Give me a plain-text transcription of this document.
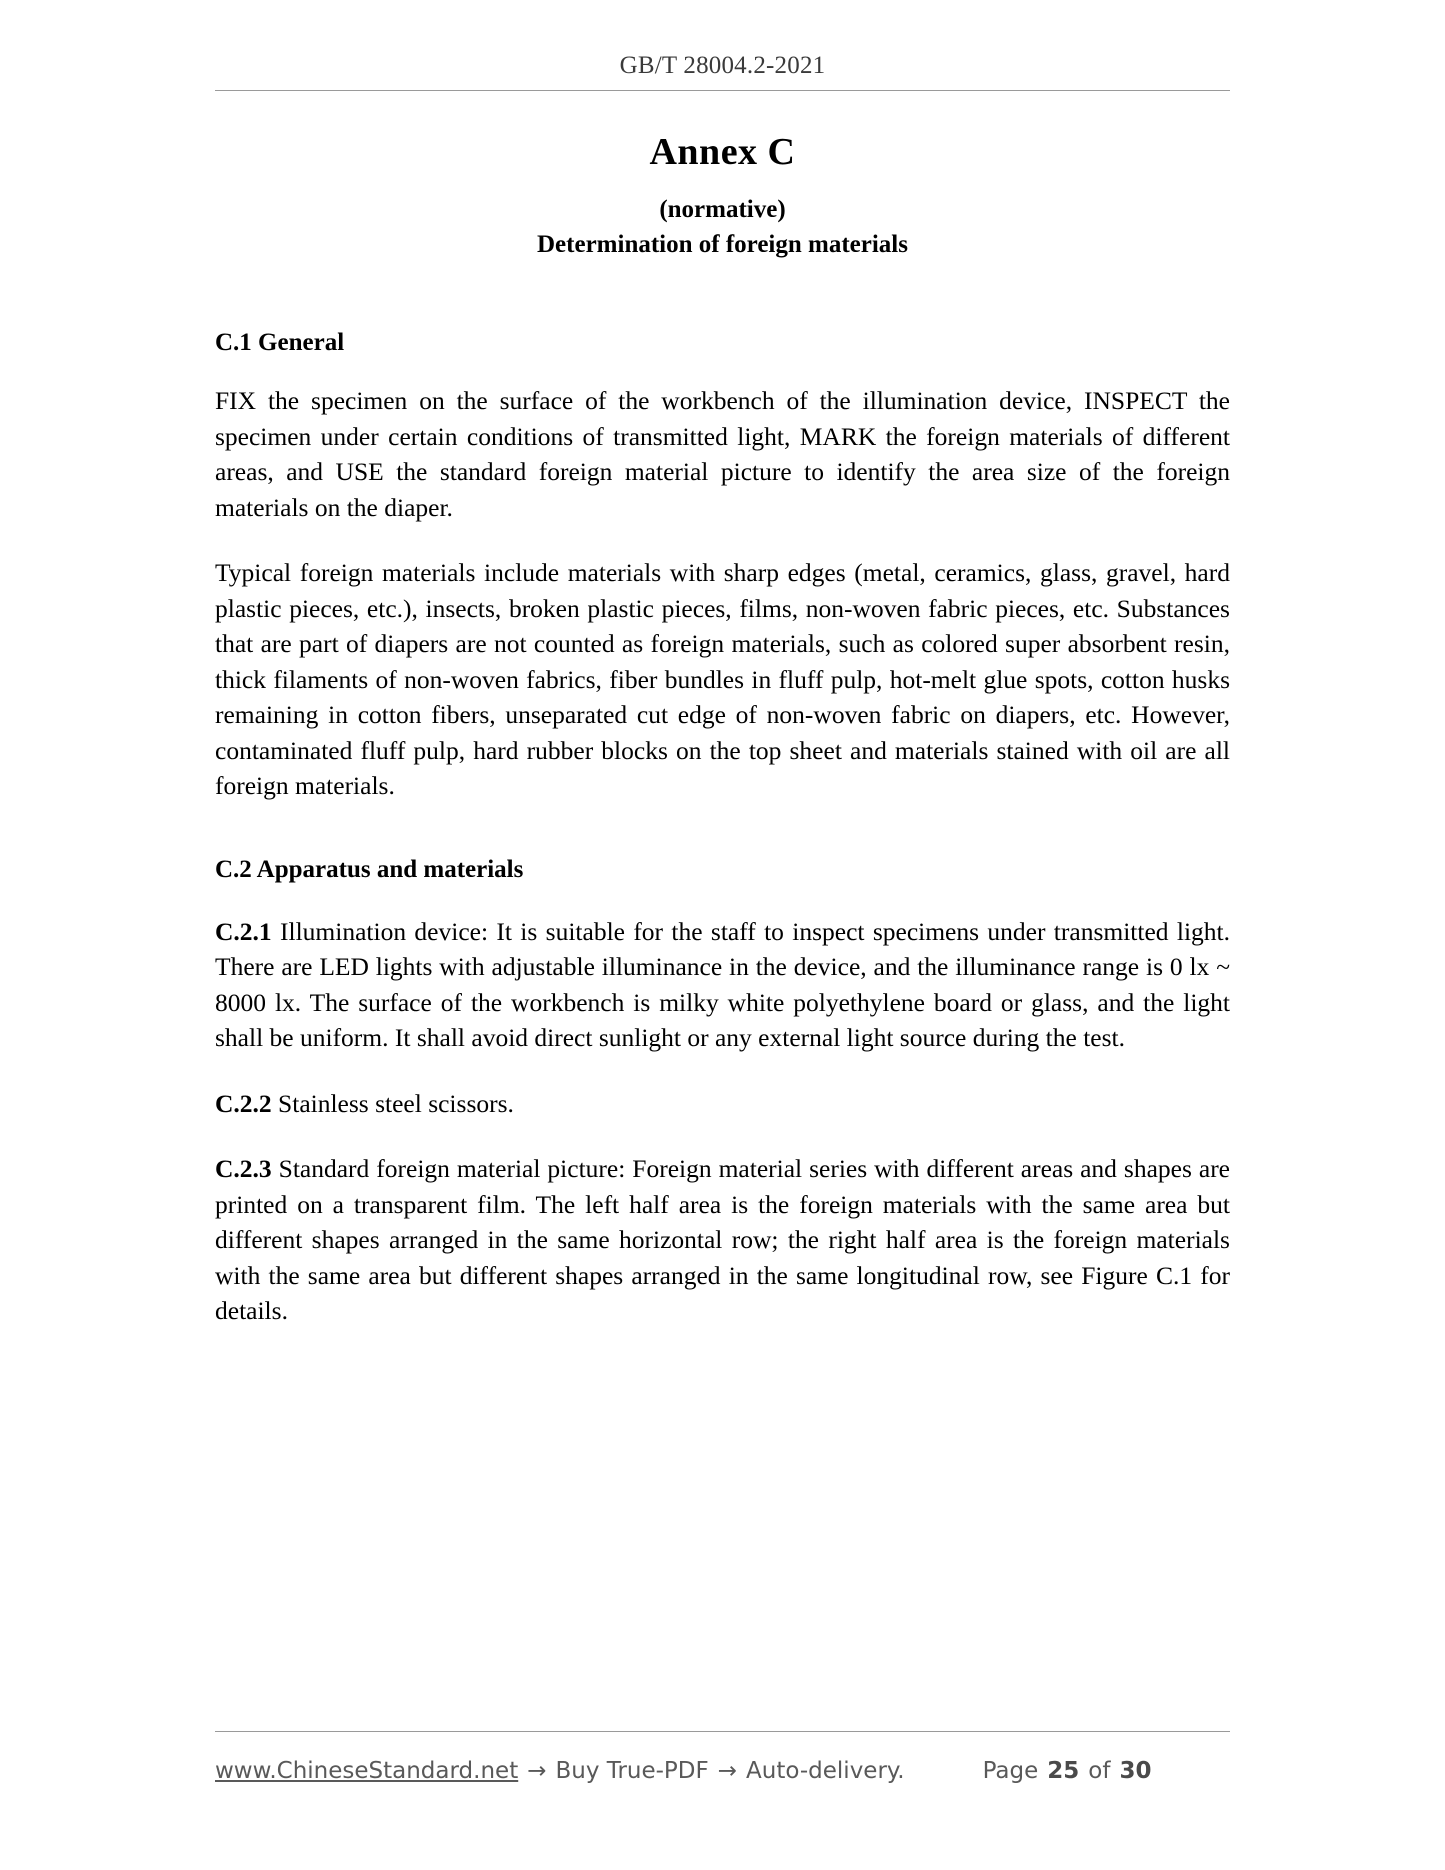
GB/T 28004.2-2021
Annex C
(normative)
Determination of foreign materials
C.1 General

FIX the specimen on the surface of the workbench of the illumination device, INSPECT the specimen under certain conditions of transmitted light, MARK the foreign materials of different areas, and USE the standard foreign material picture to identify the area size of the foreign materials on the diaper.

Typical foreign materials include materials with sharp edges (metal, ceramics, glass, gravel, hard plastic pieces, etc.), insects, broken plastic pieces, films, non-woven fabric pieces, etc. Substances that are part of diapers are not counted as foreign materials, such as colored super absorbent resin, thick filaments of non-woven fabrics, fiber bundles in fluff pulp, hot-melt glue spots, cotton husks remaining in cotton fibers, unseparated cut edge of non-woven fabric on diapers, etc. However, contaminated fluff pulp, hard rubber blocks on the top sheet and materials stained with oil are all foreign materials.

C.2 Apparatus and materials

C.2.1 Illumination device: It is suitable for the staff to inspect specimens under transmitted light. There are LED lights with adjustable illuminance in the device, and the illuminance range is 0 lx ~ 8000 lx. The surface of the workbench is milky white polyethylene board or glass, and the light shall be uniform. It shall avoid direct sunlight or any external light source during the test.

C.2.2 Stainless steel scissors.

C.2.3 Standard foreign material picture: Foreign material series with different areas and shapes are printed on a transparent film. The left half area is the foreign materials with the same area but different shapes arranged in the same horizontal row; the right half area is the foreign materials with the same area but different shapes arranged in the same longitudinal row, see Figure C.1 for details.

www.ChineseStandard.net → Buy True-PDF → Auto-delivery.	Page 25 of 30
